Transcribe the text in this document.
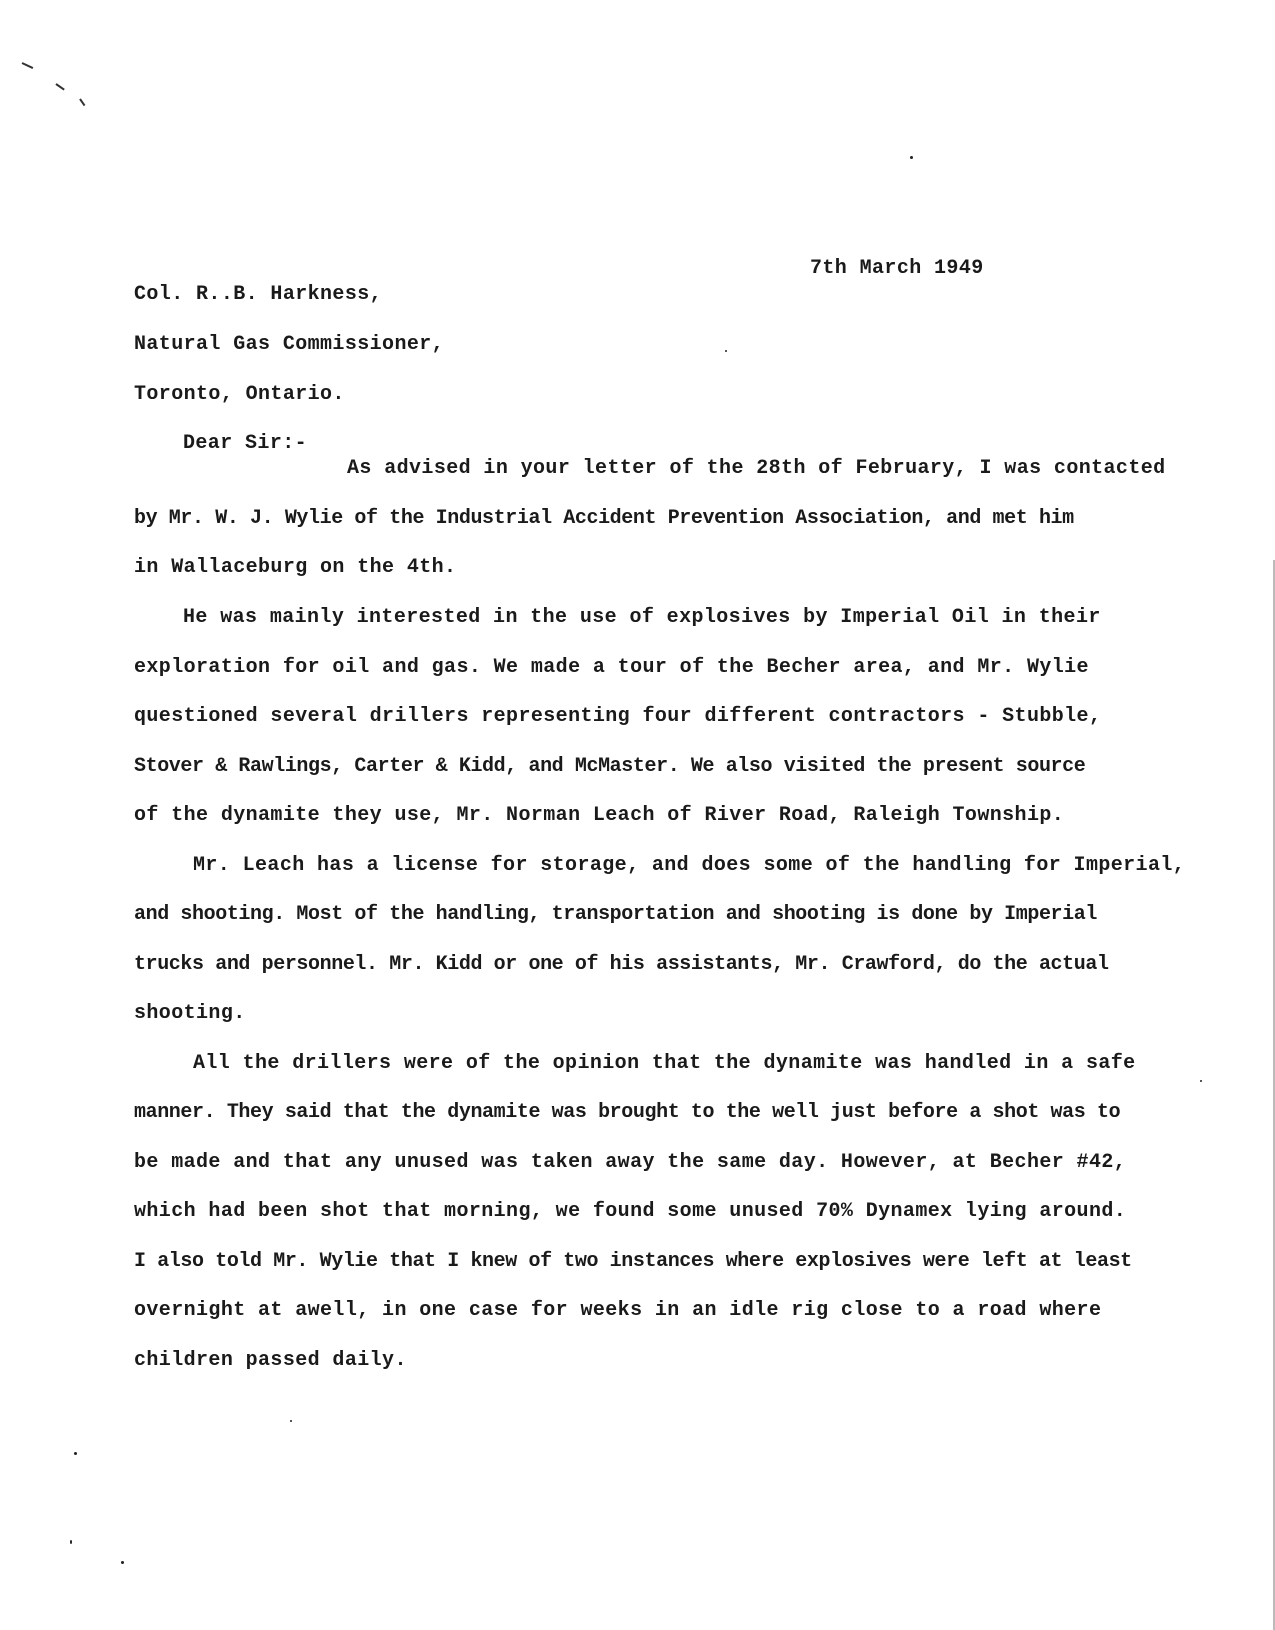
7th March 1949
Col. R..B. Harkness,
Natural Gas Commissioner,
Toronto, Ontario.
Dear Sir:-
As advised in your letter of the 28th of February, I was contacted
by Mr. W. J. Wylie of the Industrial Accident Prevention Association, and met him
in Wallaceburg on the 4th.
He was mainly interested in the use of explosives by Imperial Oil in their
exploration for oil and gas. We made a tour of the Becher area, and Mr. Wylie
questioned several drillers representing four different contractors - Stubble,
Stover & Rawlings, Carter & Kidd, and McMaster. We also visited the present source
of the dynamite they use, Mr. Norman Leach of River Road, Raleigh Township.
Mr. Leach has a license for storage, and does some of the handling for Imperial,
and shooting. Most of the handling, transportation and shooting is done by Imperial
trucks and personnel. Mr. Kidd or one of his assistants, Mr. Crawford, do the actual
shooting.
All the drillers were of the opinion that the dynamite was handled in a safe
manner. They said that the dynamite was brought to the well just before a shot was to
be made and that any unused was taken away the same day. However, at Becher #42,
which had been shot that morning, we found some unused 70% Dynamex lying around.
I also told Mr. Wylie that I knew of two instances where explosives were left at least
overnight at awell, in one case for weeks in an idle rig close to a road where
children passed daily.
